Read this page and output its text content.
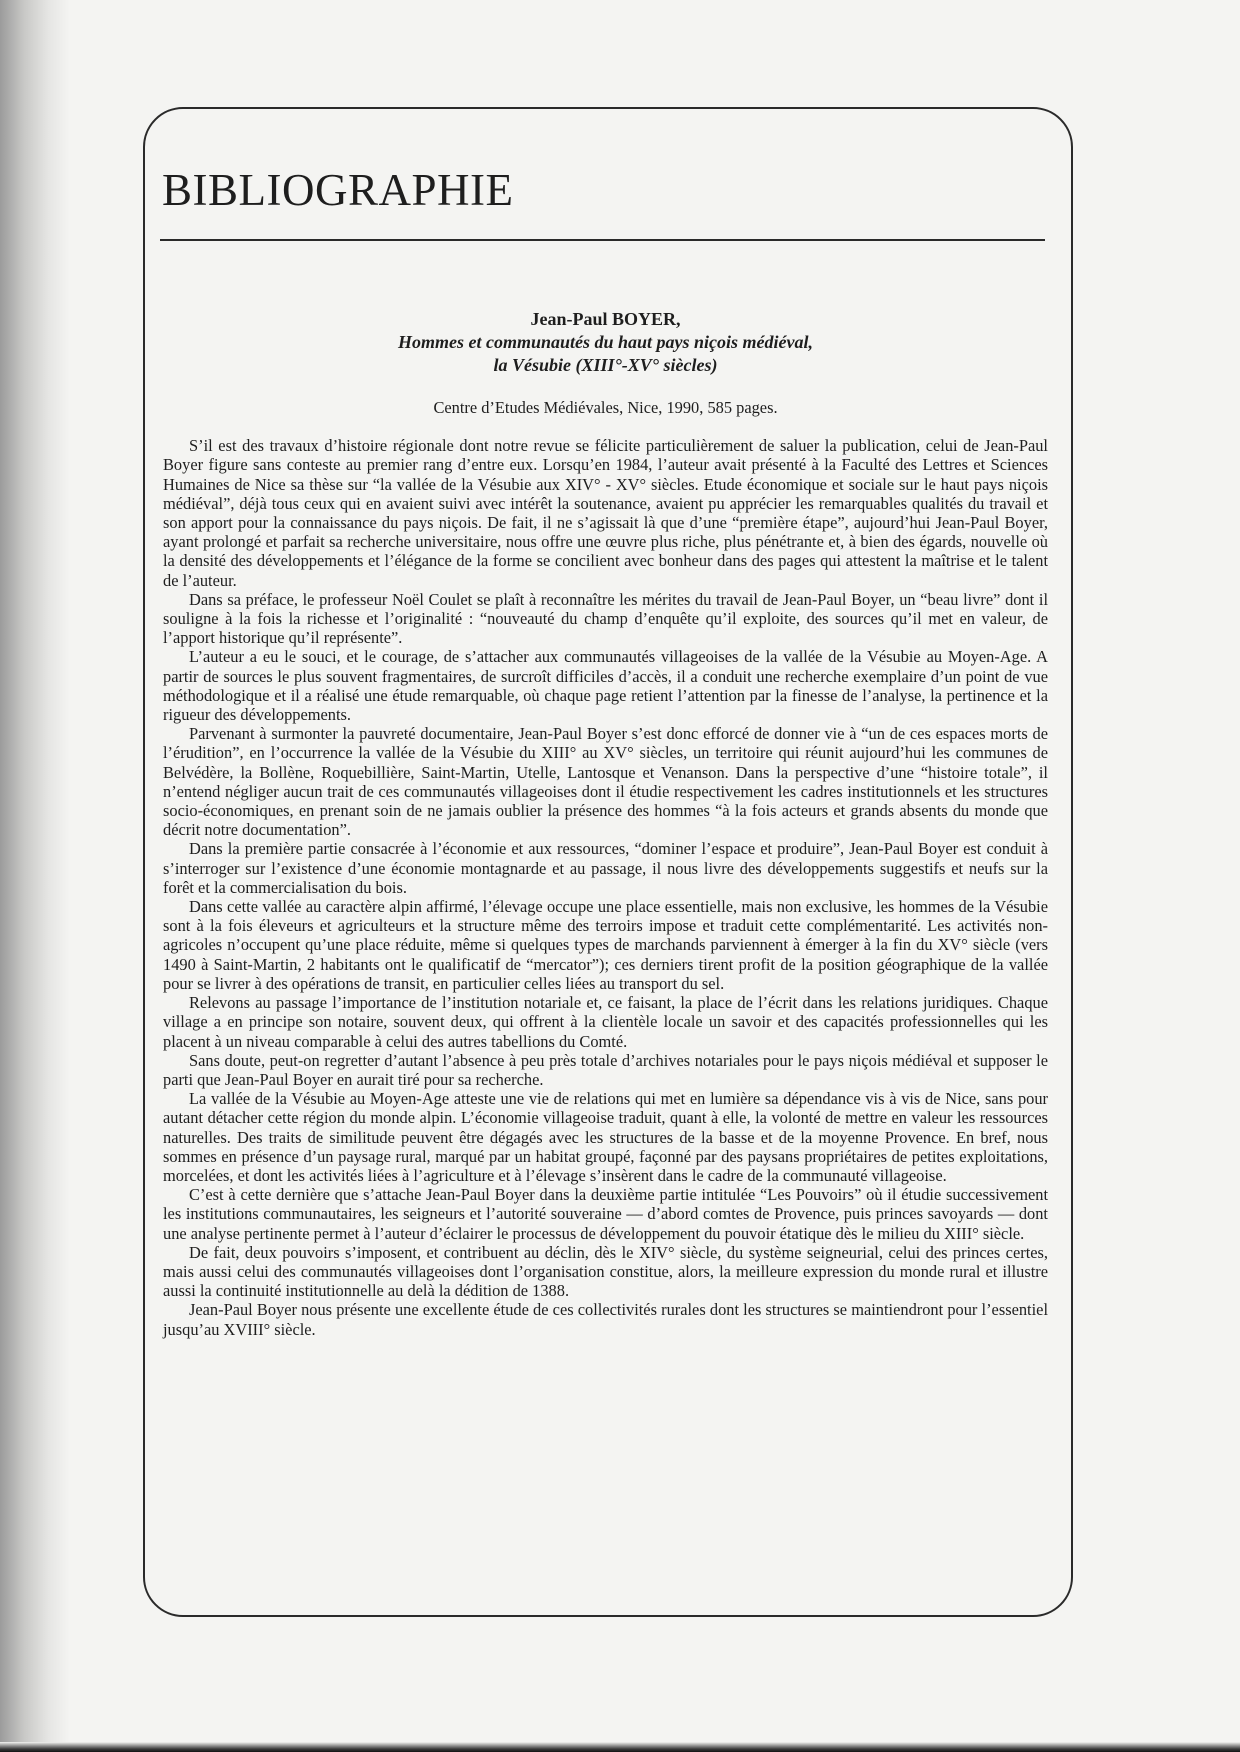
BIBLIOGRAPHIE

Jean-Paul BOYER,

Hommes et communautés du haut pays niçois médiéval,

la Vésubie (XIII°-XV° siècles)

Centre d’Etudes Médiévales, Nice, 1990, 585 pages.

S’il est des travaux d’histoire régionale dont notre revue se félicite particulièrement de saluer la publication, celui de Jean-Paul Boyer figure sans conteste au premier rang d’entre eux. Lorsqu’en 1984, l’auteur avait présenté à la Faculté des Lettres et Sciences Humaines de Nice sa thèse sur “la vallée de la Vésubie aux XIV° - XV° siècles. Etude économique et sociale sur le haut pays niçois médiéval”, déjà tous ceux qui en avaient suivi avec intérêt la soutenance, avaient pu apprécier les remarquables qualités du travail et son apport pour la connaissance du pays niçois. De fait, il ne s’agissait là que d’une “première étape”, aujourd’hui Jean-Paul Boyer, ayant prolongé et parfait sa recherche universitaire, nous offre une œuvre plus riche, plus pénétrante et, à bien des égards, nouvelle où la densité des développements et l’élégance de la forme se concilient avec bonheur dans des pages qui attestent la maîtrise et le talent de l’auteur.

Dans sa préface, le professeur Noël Coulet se plaît à reconnaître les mérites du travail de Jean-Paul Boyer, un “beau livre” dont il souligne à la fois la richesse et l’originalité : “nouveauté du champ d’enquête qu’il exploite, des sources qu’il met en valeur, de l’apport historique qu’il représente”.

L’auteur a eu le souci, et le courage, de s’attacher aux communautés villageoises de la vallée de la Vésubie au Moyen-Age. A partir de sources le plus souvent fragmentaires, de surcroît difficiles d’accès, il a conduit une recherche exemplaire d’un point de vue méthodologique et il a réalisé une étude remarquable, où chaque page retient l’attention par la finesse de l’analyse, la pertinence et la rigueur des développements.

Parvenant à surmonter la pauvreté documentaire, Jean-Paul Boyer s’est donc efforcé de donner vie à “un de ces espaces morts de l’érudition”, en l’occurrence la vallée de la Vésubie du XIII° au XV° siècles, un territoire qui réunit aujourd’hui les communes de Belvédère, la Bollène, Roquebillière, Saint-Martin, Utelle, Lantosque et Venanson. Dans la perspective d’une “histoire totale”, il n’entend négliger aucun trait de ces communautés villageoises dont il étudie respectivement les cadres institutionnels et les structures socio-économiques, en prenant soin de ne jamais oublier la présence des hommes “à la fois acteurs et grands absents du monde que décrit notre documentation”.

Dans la première partie consacrée à l’économie et aux ressources, “dominer l’espace et produire”, Jean-Paul Boyer est conduit à s’interroger sur l’existence d’une économie montagnarde et au passage, il nous livre des développements suggestifs et neufs sur la forêt et la commercialisation du bois.

Dans cette vallée au caractère alpin affirmé, l’élevage occupe une place essentielle, mais non exclusive, les hommes de la Vésubie sont à la fois éleveurs et agriculteurs et la structure même des terroirs impose et traduit cette complémentarité. Les activités non-agricoles n’occupent qu’une place réduite, même si quelques types de marchands parviennent à émerger à la fin du XV° siècle (vers 1490 à Saint-Martin, 2 habitants ont le qualificatif de “mercator”); ces derniers tirent profit de la position géographique de la vallée pour se livrer à des opérations de transit, en particulier celles liées au transport du sel.

Relevons au passage l’importance de l’institution notariale et, ce faisant, la place de l’écrit dans les relations juridiques. Chaque village a en principe son notaire, souvent deux, qui offrent à la clientèle locale un savoir et des capacités professionnelles qui les placent à un niveau comparable à celui des autres tabellions du Comté.

Sans doute, peut-on regretter d’autant l’absence à peu près totale d’archives notariales pour le pays niçois médiéval et supposer le parti que Jean-Paul Boyer en aurait tiré pour sa recherche.

La vallée de la Vésubie au Moyen-Age atteste une vie de relations qui met en lumière sa dépendance vis à vis de Nice, sans pour autant détacher cette région du monde alpin. L’économie villageoise traduit, quant à elle, la volonté de mettre en valeur les ressources naturelles. Des traits de similitude peuvent être dégagés avec les structures de la basse et de la moyenne Provence. En bref, nous sommes en présence d’un paysage rural, marqué par un habitat groupé, façonné par des paysans propriétaires de petites exploitations, morcelées, et dont les activités liées à l’agriculture et à l’élevage s’insèrent dans le cadre de la communauté villageoise.

C’est à cette dernière que s’attache Jean-Paul Boyer dans la deuxième partie intitulée “Les Pouvoirs” où il étudie successivement les institutions communautaires, les seigneurs et l’autorité souveraine — d’abord comtes de Provence, puis princes savoyards — dont une analyse pertinente permet à l’auteur d’éclairer le processus de développement du pouvoir étatique dès le milieu du XIII° siècle.

De fait, deux pouvoirs s’imposent, et contribuent au déclin, dès le XIV° siècle, du système seigneurial, celui des princes certes, mais aussi celui des communautés villageoises dont l’organisation constitue, alors, la meilleure expression du monde rural et illustre aussi la continuité institutionnelle au delà la dédition de 1388.

Jean-Paul Boyer nous présente une excellente étude de ces collectivités rurales dont les structures se maintiendront pour l’essentiel jusqu’au XVIII° siècle.
